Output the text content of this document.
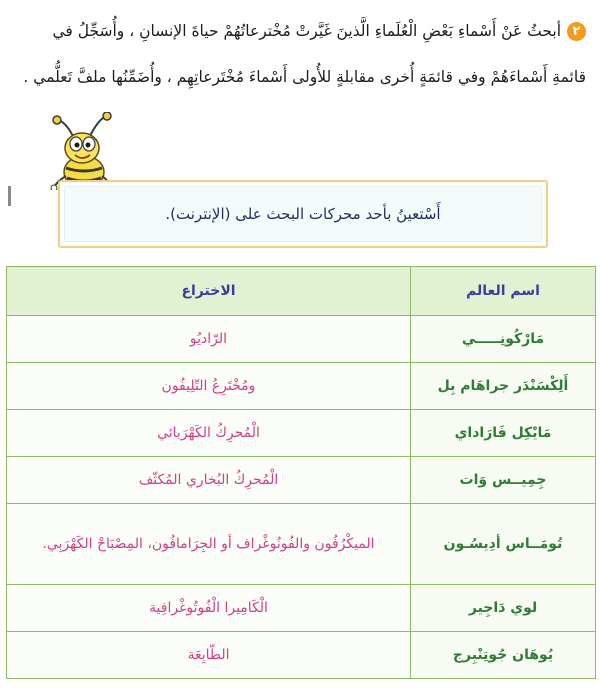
٢أبحثُ عَنْ أَسْماءِ بَعْضِ الْعُلَماءِ الَّذينَ غَيَّرتْ مُخْترعاتُهُمْ حياةَ الإنسانِ ، وأُسَجِّلُ في قائمةِ أَسْماءَهُمْ وفي قائمَةٍ أُخرى مقابلةٍ للأُولى أَسْماءَ مُخْتَرعاتِهِم ، وأُضَمِّنُها ملفَّ تَعلُّمي .
أَسْتعينُ بأحد محركات البحث على (الإنترنت).
اسم العالم	الاختراع
مَارْكُونِـــــي	الرّاديُو
أَلِكْسَنْدَر جراهَام بِل	ومُخْتَرِعُ التّلِيفُون
مَايْكِل فَارَاداي	الْمُحرِكُ الكَهْرَبائي
جِمِيــس وَات	الْمُحرِكُ البُخاري المُكثّف
تُومَــاس أدِيسُـون	الميكْرُفُون والفُونُوغْراف أو الجِرَامافُون، المِصْبَاحْ الكَهْرَبِي.
لوي دَاجِير	الْكَامِيرا الْفُوتُوغْرافِية
يُوهَان جُوتِنْبِرج	الطّابِعَة
